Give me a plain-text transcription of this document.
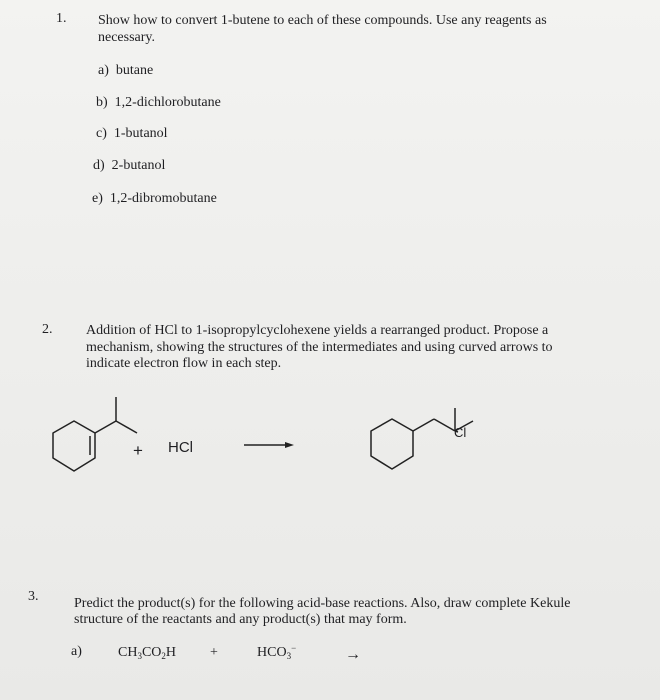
1. Show how to convert 1-butene to each of these compounds. Use any reagents as
necessary.
a) butane
b) 1,2-dichlorobutane
c) 1-butanol
d) 2-butanol
e) 1,2-dibromobutane
2. Addition of HCl to 1-isopropylcyclohexene yields a rearranged product. Propose a
mechanism, showing the structures of the intermediates and using curved arrows to
indicate electron flow in each step.
+ HCl
Cl
3.	Predict the product(s) for the following acid-base reactions. Also, draw complete Kekule
structure of the reactants and any product(s) that may form.
a)	$CH_3CO_2H$ +	$HCO_3^-$	→
